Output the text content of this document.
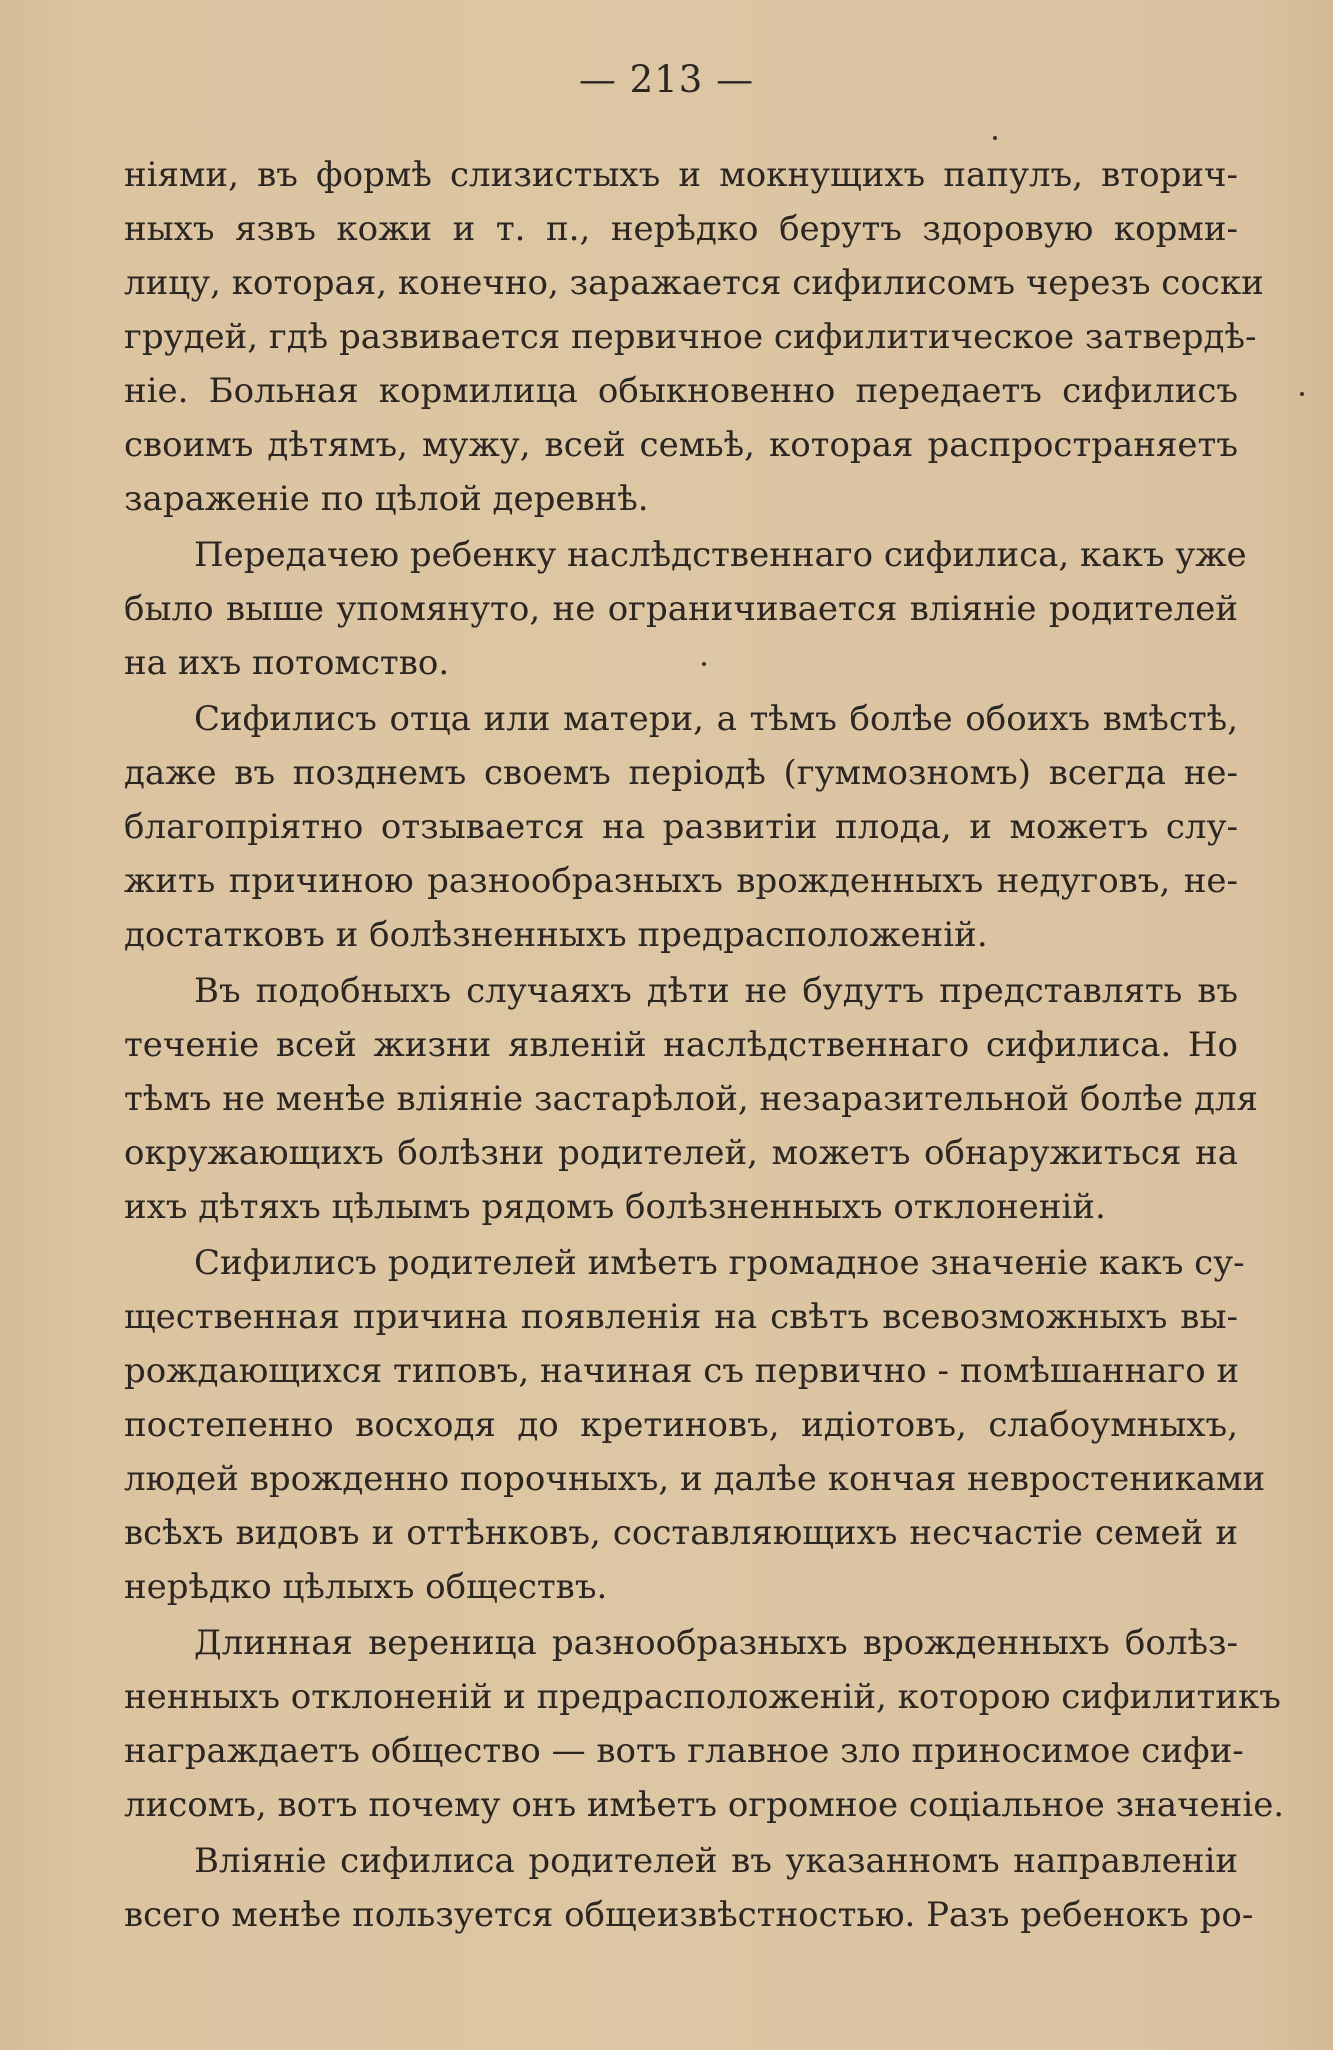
— 213 —
ніями, въ формѣ слизистыхъ и мокнущихъ папулъ, вторич-
ныхъ язвъ кожи и т. п., нерѣдко берутъ здоровую корми-
лицу, которая, конечно, заражается сифилисомъ черезъ соски
грудей, гдѣ развивается первичное сифилитическое затвердѣ-
ніе. Больная кормилица обыкновенно передаетъ сифилисъ
своимъ дѣтямъ, мужу, всей семьѣ, которая распространяетъ
зараженіе по цѣлой деревнѣ.
Передачею ребенку наслѣдственнаго сифилиса, какъ уже
было выше упомянуто, не ограничивается вліяніе родителей
на ихъ потомство.
Сифилисъ отца или матери, а тѣмъ болѣе обоихъ вмѣстѣ,
даже въ позднемъ своемъ періодѣ (гуммозномъ) всегда не-
благопріятно отзывается на развитіи плода, и можетъ слу-
жить причиною разнообразныхъ врожденныхъ недуговъ, не-
достатковъ и болѣзненныхъ предрасположеній.
Въ подобныхъ случаяхъ дѣти не будутъ представлять въ
теченіе всей жизни явленій наслѣдственнаго сифилиса. Но
тѣмъ не менѣе вліяніе застарѣлой, незаразительной болѣе для
окружающихъ болѣзни родителей, можетъ обнаружиться на
ихъ дѣтяхъ цѣлымъ рядомъ болѣзненныхъ отклоненій.
Сифилисъ родителей имѣетъ громадное значеніе какъ су-
щественная причина появленія на свѣтъ всевозможныхъ вы-
рождающихся типовъ, начиная съ первично - помѣшаннаго и
постепенно восходя до кретиновъ, идіотовъ, слабоумныхъ,
людей врожденно порочныхъ, и далѣе кончая невростениками
всѣхъ видовъ и оттѣнковъ, составляющихъ несчастіе семей и
нерѣдко цѣлыхъ обществъ.
Длинная вереница разнообразныхъ врожденныхъ болѣз-
ненныхъ отклоненій и предрасположеній, которою сифилитикъ
награждаетъ общество — вотъ главное зло приносимое сифи-
лисомъ, вотъ почему онъ имѣетъ огромное соціальное значеніе.
Вліяніе сифилиса родителей въ указанномъ направленіи
всего менѣе пользуется общеизвѣстностью. Разъ ребенокъ ро-
